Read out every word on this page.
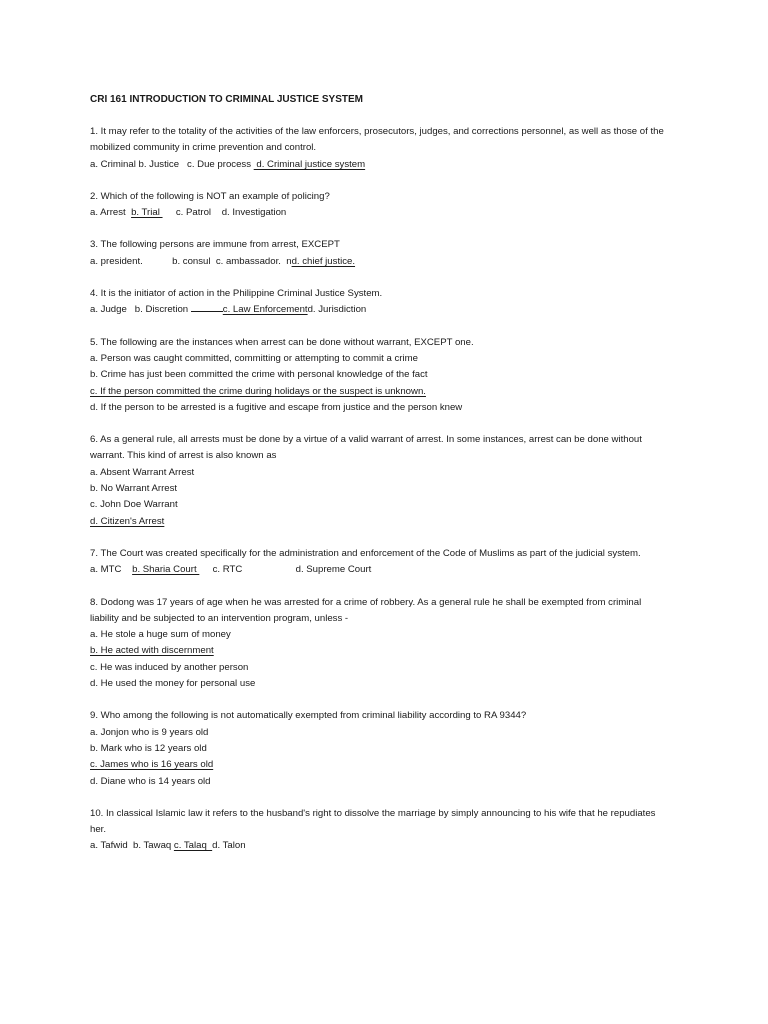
CRI 161 INTRODUCTION TO CRIMINAL JUSTICE SYSTEM
1. It may refer to the totality of the activities of the law enforcers, prosecutors, judges, and corrections personnel, as well as those of the mobilized community in crime prevention and control.
a. Criminal b. Justice   c. Due process  d. Criminal justice system
2. Which of the following is NOT an example of policing?
a. Arrest  b. Trial      c. Patrol    d. Investigation
3. The following persons are immune from arrest, EXCEPT
a. president.           b. consul  c. ambassador.  nd. chief justice.
4. It is the initiator of action in the Philippine Criminal Justice System.
a. Judge   b. Discretion	c. Law Enforcementd. Jurisdiction
5. The following are the instances when arrest can be done without warrant, EXCEPT one.
a. Person was caught committed, committing or attempting to commit a crime
b. Crime has just been committed the crime with personal knowledge of the fact
c. If the person committed the crime during holidays or the suspect is unknown.
d. If the person to be arrested is a fugitive and escape from justice and the person knew
6. As a general rule, all arrests must be done by a virtue of a valid warrant of arrest. In some instances, arrest can be done without warrant. This kind of arrest is also known as
a. Absent Warrant Arrest
b. No Warrant Arrest
c. John Doe Warrant
d. Citizen's Arrest
7. The Court was created specifically for the administration and enforcement of the Code of Muslims as part of the judicial system.
a. MTC    b. Sharia Court      c. RTC                    d. Supreme Court
8. Dodong was 17 years of age when he was arrested for a crime of robbery. As a general rule he shall be exempted from criminal liability and be subjected to an intervention program, unless -
a. He stole a huge sum of money
b. He acted with discernment
c. He was induced by another person
d. He used the money for personal use
9. Who among the following is not automatically exempted from criminal liability according to RA 9344?
a. Jonjon who is 9 years old
b. Mark who is 12 years old
c. James who is 16 years old
d. Diane who is 14 years old
10. In classical Islamic law it refers to the husband's right to dissolve the marriage by simply announcing to his wife that he repudiates her.
a. Tafwid  b. Tawaq c. Talaq  d. Talon
